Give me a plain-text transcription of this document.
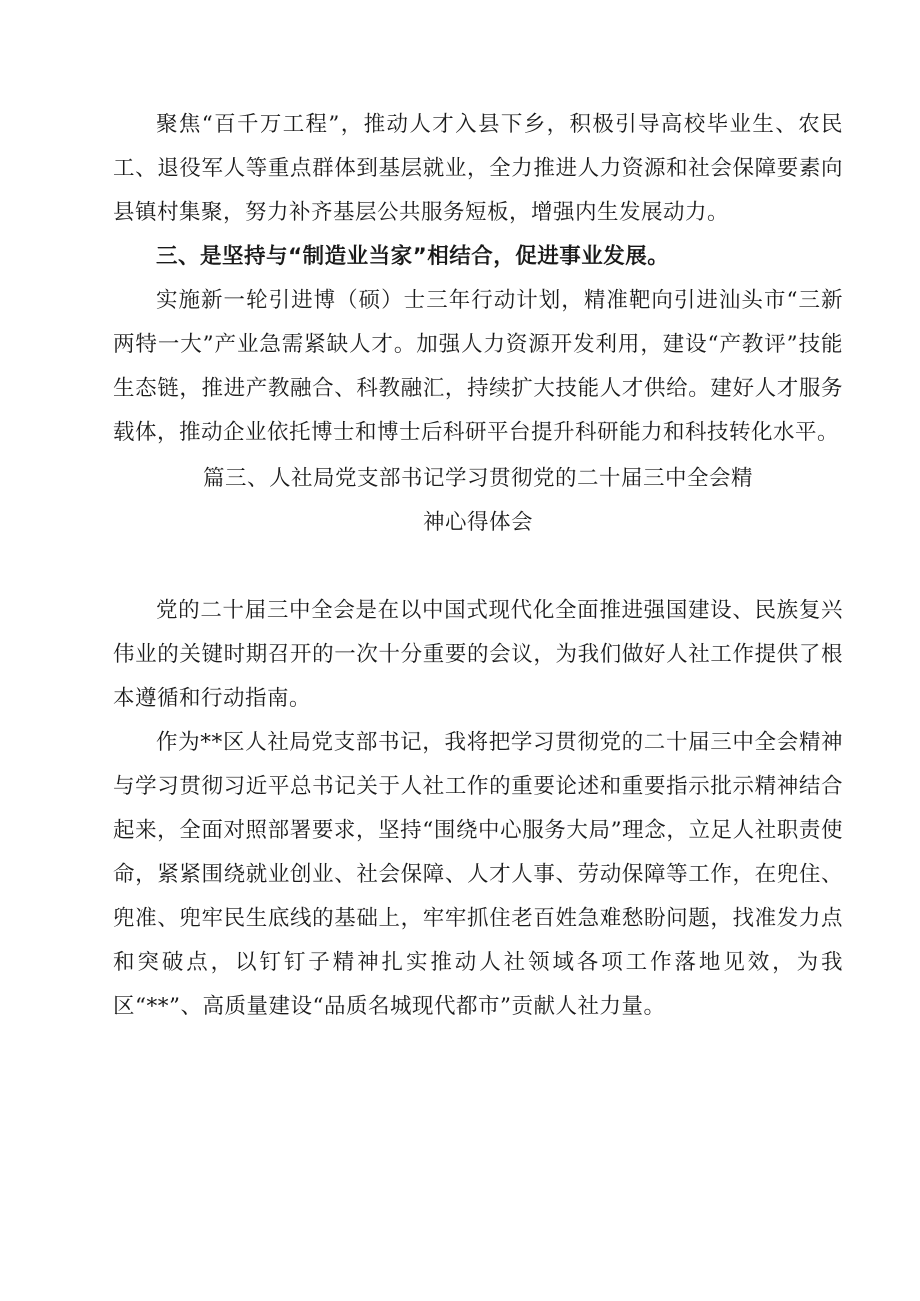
聚焦“百千万工程”，推动人才入县下乡，积极引导高校毕业生、农民工、退役军人等重点群体到基层就业，全力推进人力资源和社会保障要素向县镇村集聚，努力补齐基层公共服务短板，增强内生发展动力。

三、是坚持与“制造业当家”相结合，促进事业发展。

实施新一轮引进博（硕）士三年行动计划，精准靶向引进汕头市“三新两特一大”产业急需紧缺人才。加强人力资源开发利用，建设“产教评”技能生态链，推进产教融合、科教融汇，持续扩大技能人才供给。建好人才服务载体，推动企业依托博士和博士后科研平台提升科研能力和科技转化水平。

篇三、人社局党支部书记学习贯彻党的二十届三中全会精

神心得体会

党的二十届三中全会是在以中国式现代化全面推进强国建设、民族复兴伟业的关键时期召开的一次十分重要的会议，为我们做好人社工作提供了根本遵循和行动指南。

作为**区人社局党支部书记，我将把学习贯彻党的二十届三中全会精神与学习贯彻习近平总书记关于人社工作的重要论述和重要指示批示精神结合起来，全面对照部署要求，坚持“围绕中心服务大局”理念，立足人社职责使命，紧紧围绕就业创业、社会保障、人才人事、劳动保障等工作，在兜住、兜准、兜牢民生底线的基础上，牢牢抓住老百姓急难愁盼问题，找准发力点和突破点，以钉钉子精神扎实推动人社领域各项工作落地见效，为我区“**”、高质量建设“品质名城现代都市”贡献人社力量。
